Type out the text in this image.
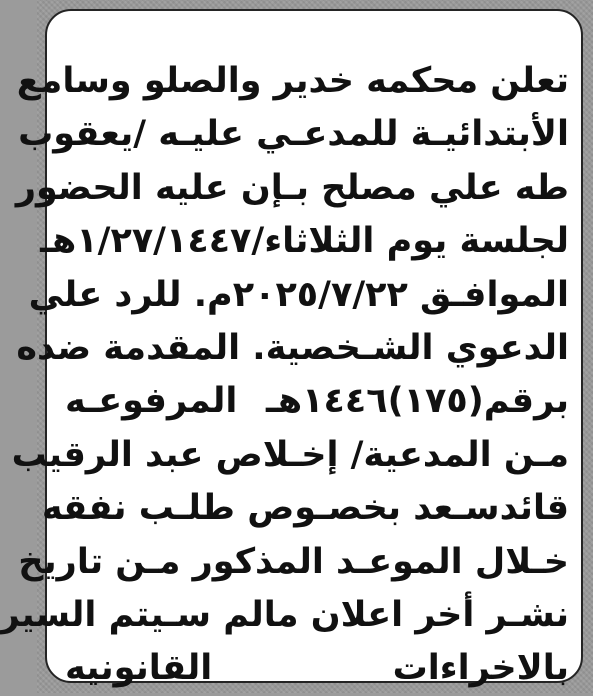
تعلن محكمه خدير والصلو وسامع
الأبتدائيـة للمدعـي عليـه /يعقوب
طه علي مصلح بـإن عليه الحضور
لجلسة يوم الثلاثاء/١/٢٧/١٤٤٧هـ
الموافـق ٢٠٢٥/٧/٢٢م. للرد علي
الدعوي الشـخصية. المقدمة ضده
برقم(١٧٥)١٤٤٦هـ المرفوعـه
مـن المدعية/ إخـلاص عبد الرقيب
قائدسـعد بخصـوص طلـب نفقه
خـلال الموعـد المذكور مـن تاريخ
نشـر أخر اعلان مالم سـيتم السير
بالاخراءات القانونيه
